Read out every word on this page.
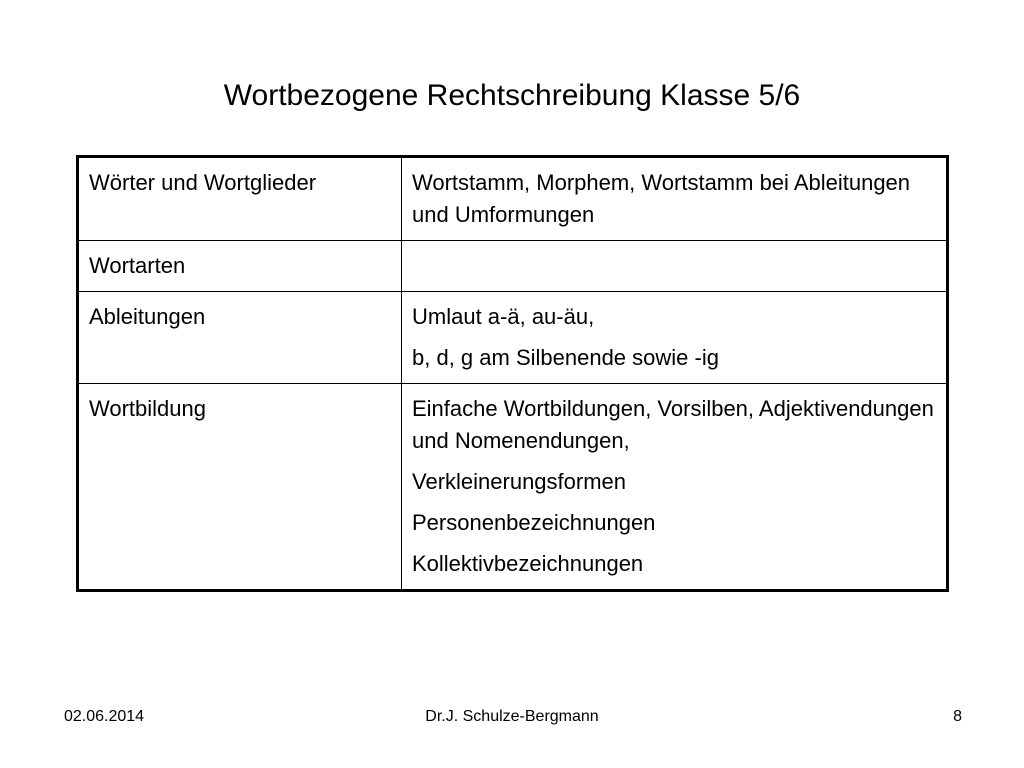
Wortbezogene Rechtschreibung Klasse 5/6
Wörter und Wortglieder	Wortstamm, Morphem, Wortstamm bei Ableitungen und Umformungen

Wortarten	
Ableitungen	Umlaut a-ä, au-äu,
b, d, g am Silbenende sowie -ig

Wortbildung	Einfache Wortbildungen, Vorsilben, Adjektivendungen und Nomenendungen,
Verkleinerungsformen
Personenbezeichnungen
Kollektivbezeichnungen
02.06.2014	Dr.J. Schulze-Bergmann	8
